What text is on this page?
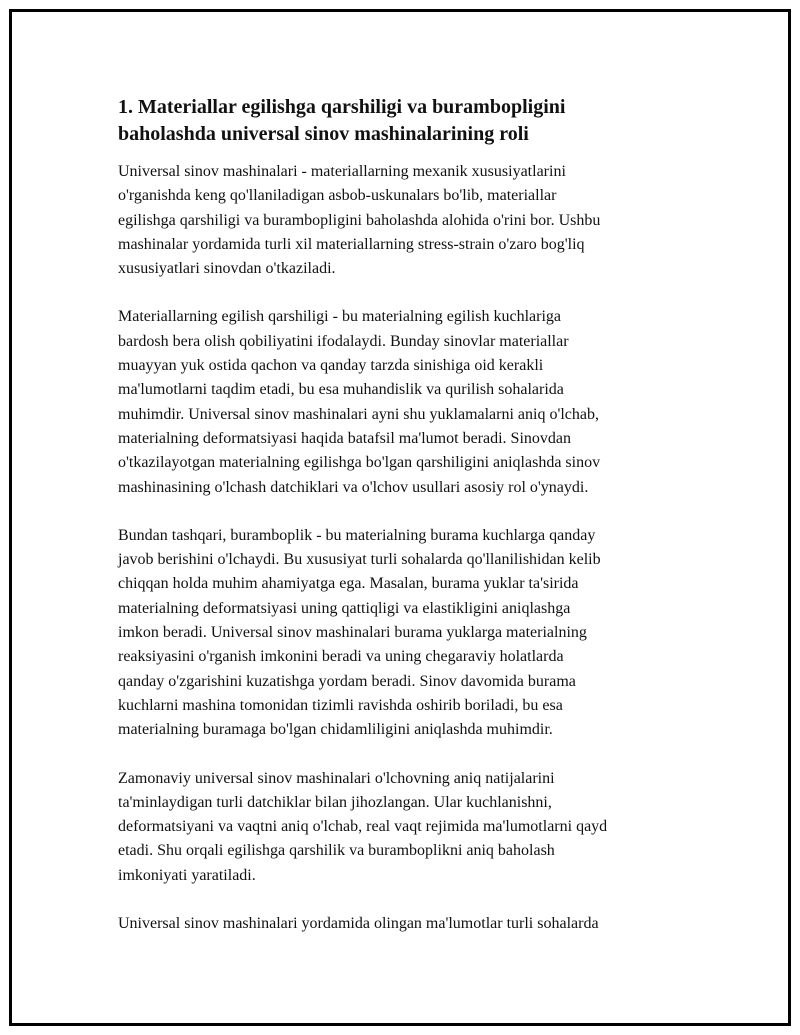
1. Materiallar egilishga qarshiligi va burambopligini
baholashda universal sinov mashinalarining roli
Universal sinov mashinalari - materiallarning mexanik xususiyatlarini
o'rganishda keng qo'llaniladigan asbob-uskunalars bo'lib, materiallar
egilishga qarshiligi va burambopligini baholashda alohida o'rini bor. Ushbu
mashinalar yordamida turli xil materiallarning stress-strain o'zaro bog'liq
xususiyatlari sinovdan o'tkaziladi.
Materiallarning egilish qarshiligi - bu materialning egilish kuchlariga
bardosh bera olish qobiliyatini ifodalaydi. Bunday sinovlar materiallar
muayyan yuk ostida qachon va qanday tarzda sinishiga oid kerakli
ma'lumotlarni taqdim etadi, bu esa muhandislik va qurilish sohalarida
muhimdir. Universal sinov mashinalari ayni shu yuklamalarni aniq o'lchab,
materialning deformatsiyasi haqida batafsil ma'lumot beradi. Sinovdan
o'tkazilayotgan materialning egilishga bo'lgan qarshiligini aniqlashda sinov
mashinasining o'lchash datchiklari va o'lchov usullari asosiy rol o'ynaydi.
Bundan tashqari, buramboplik - bu materialning burama kuchlarga qanday
javob berishini o'lchaydi. Bu xususiyat turli sohalarda qo'llanilishidan kelib
chiqqan holda muhim ahamiyatga ega. Masalan, burama yuklar ta'sirida
materialning deformatsiyasi uning qattiqligi va elastikligini aniqlashga
imkon beradi. Universal sinov mashinalari burama yuklarga materialning
reaksiyasini o'rganish imkonini beradi va uning chegaraviy holatlarda
qanday o'zgarishini kuzatishga yordam beradi. Sinov davomida burama
kuchlarni mashina tomonidan tizimli ravishda oshirib boriladi, bu esa
materialning buramaga bo'lgan chidamliligini aniqlashda muhimdir.
Zamonaviy universal sinov mashinalari o'lchovning aniq natijalarini
ta'minlaydigan turli datchiklar bilan jihozlangan. Ular kuchlanishni,
deformatsiyani va vaqtni aniq o'lchab, real vaqt rejimida ma'lumotlarni qayd
etadi. Shu orqali egilishga qarshilik va buramboplіkni aniq baholash
imkoniyati yaratiladi.
Universal sinov mashinalari yordamida olingan ma'lumotlar turli sohalarda
